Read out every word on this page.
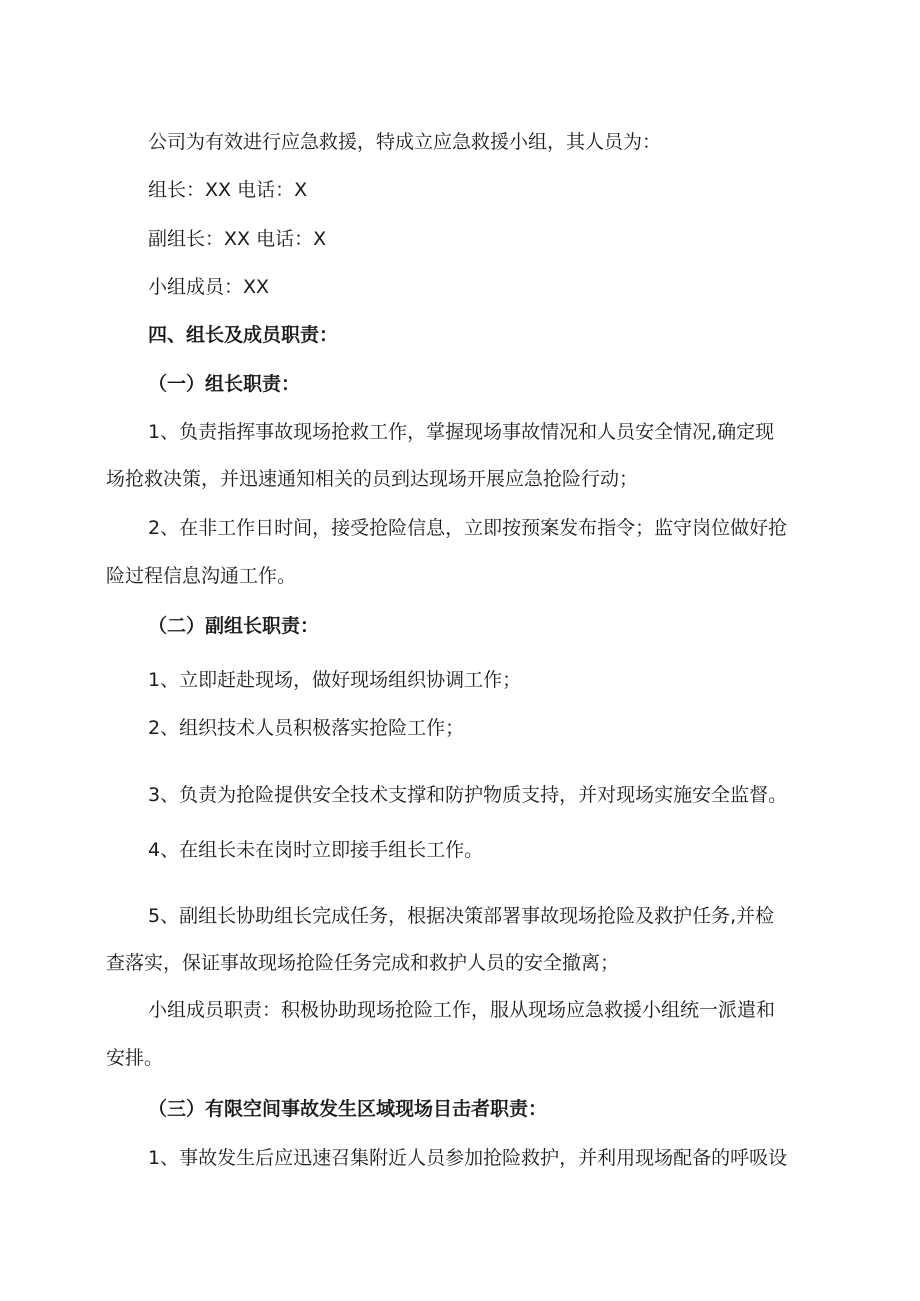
公司为有效进行应急救援，特成立应急救援小组，其人员为：

组长：XX 电话：X

副组长：XX 电话：X

小组成员：XX

四、组长及成员职责：

（一）组长职责：

1、负责指挥事故现场抢救工作，掌握现场事故情况和人员安全情况,确定现

场抢救决策，并迅速通知相关的员到达现场开展应急抢险行动；

2、在非工作日时间，接受抢险信息，立即按预案发布指令；监守岗位做好抢

险过程信息沟通工作。

（二）副组长职责：

1、立即赶赴现场，做好现场组织协调工作；

2、组织技术人员积极落实抢险工作；

3、负责为抢险提供安全技术支撑和防护物质支持，并对现场实施安全监督。

4、在组长未在岗时立即接手组长工作。

5、副组长协助组长完成任务，根据决策部署事故现场抢险及救护任务,并检

查落实，保证事故现场抢险任务完成和救护人员的安全撤离；

小组成员职责：积极协助现场抢险工作，服从现场应急救援小组统一派遣和

安排。

（三）有限空间事故发生区域现场目击者职责：

1、事故发生后应迅速召集附近人员参加抢险救护，并利用现场配备的呼吸设
